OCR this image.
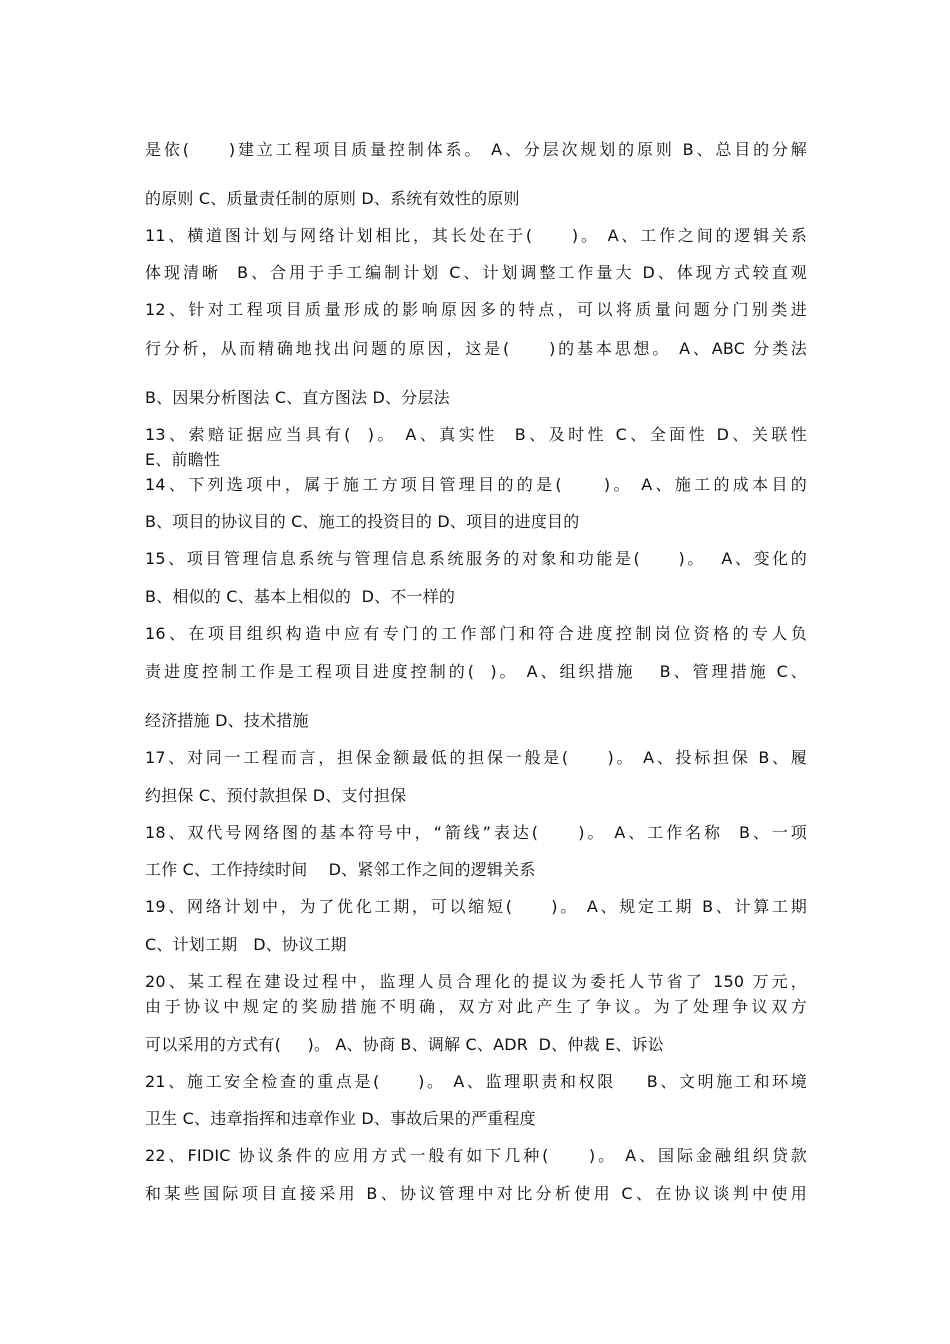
是依(     )建立工程项目质量控制体系。 A、分层次规划的原则 B、总目的分解
的原则 C、质量责任制的原则 D、系统有效性的原则
11、横道图计划与网络计划相比，其长处在于(     )。 A、工作之间的逻辑关系
体现清晰  B、合用于手工编制计划 C、计划调整工作量大 D、体现方式较直观
12、针对工程项目质量形成的影响原因多的特点，可以将质量问题分门别类进
行分析，从而精确地找出问题的原因，这是(     )的基本思想。 A、ABC 分类法
B、因果分析图法 C、直方图法 D、分层法
13、索赔证据应当具有(  )。 A、真实性  B、及时性 C、全面性 D、关联性
E、前瞻性
14、下列选项中，属于施工方项目管理目的的是(     )。 A、施工的成本目的
B、项目的协议目的 C、施工的投资目的 D、项目的进度目的
15、项目管理信息系统与管理信息系统服务的对象和功能是(     )。  A、变化的
B、相似的 C、基本上相似的  D、不一样的
16、在项目组织构造中应有专门的工作部门和符合进度控制岗位资格的专人负
责进度控制工作是工程项目进度控制的(  )。 A、组织措施   B、管理措施 C、
经济措施 D、技术措施
17、对同一工程而言，担保金额最低的担保一般是(     )。 A、投标担保 B、履
约担保 C、预付款担保 D、支付担保
18、双代号网络图的基本符号中，“箭线”表达(     )。 A、工作名称  B、一项
工作 C、工作持续时间    D、紧邻工作之间的逻辑关系
19、网络计划中，为了优化工期，可以缩短(     )。 A、规定工期 B、计算工期
C、计划工期   D、协议工期
20、某工程在建设过程中，监理人员合理化的提议为委托人节省了 150 万元，
由于协议中规定的奖励措施不明确，双方对此产生了争议。为了处理争议双方
可以采用的方式有(     )。 A、协商 B、调解 C、ADR  D、仲裁 E、诉讼
21、施工安全检查的重点是(     )。 A、监理职责和权限    B、文明施工和环境
卫生 C、违章指挥和违章作业 D、事故后果的严重程度
22、FIDIC 协议条件的应用方式一般有如下几种(     )。 A、国际金融组织贷款
和某些国际项目直接采用 B、协议管理中对比分析使用 C、在协议谈判中使用
